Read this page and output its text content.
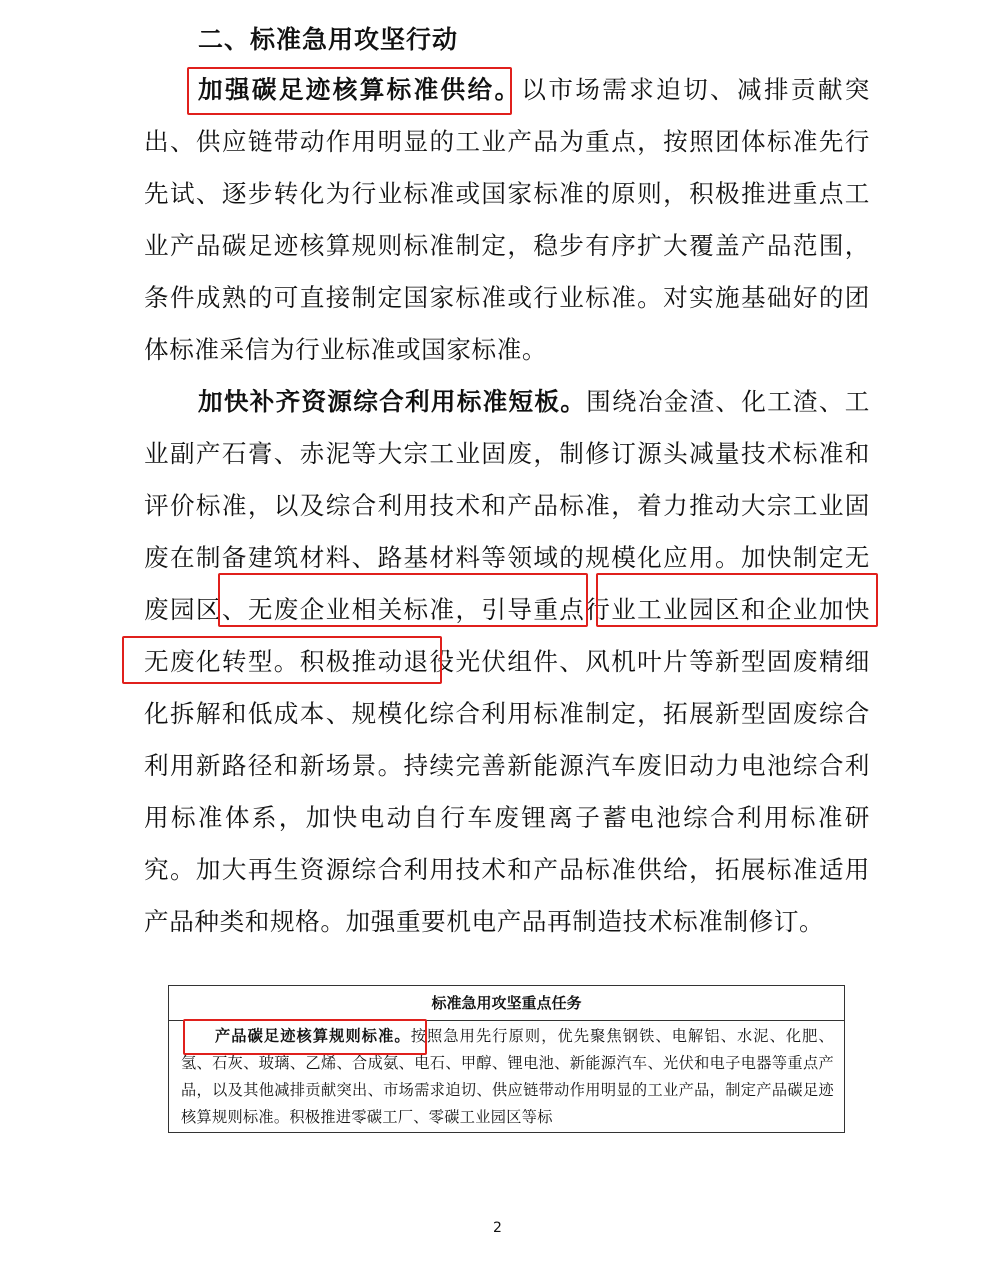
二、标准急用攻坚行动

加强碳足迹核算标准供给。以市场需求迫切、减排贡献突出、供应链带动作用明显的工业产品为重点，按照团体标准先行先试、逐步转化为行业标准或国家标准的原则，积极推进重点工业产品碳足迹核算规则标准制定，稳步有序扩大覆盖产品范围，条件成熟的可直接制定国家标准或行业标准。对实施基础好的团体标准采信为行业标准或国家标准。

加快补齐资源综合利用标准短板。围绕冶金渣、化工渣、工业副产石膏、赤泥等大宗工业固废，制修订源头减量技术标准和评价标准，以及综合利用技术和产品标准，着力推动大宗工业固废在制备建筑材料、路基材料等领域的规模化应用。加快制定无废园区、无废企业相关标准，引导重点行业工业园区和企业加快无废化转型。积极推动退役光伏组件、风机叶片等新型固废精细化拆解和低成本、规模化综合利用标准制定，拓展新型固废综合利用新路径和新场景。持续完善新能源汽车废旧动力电池综合利用标准体系，加快电动自行车废锂离子蓄电池综合利用标准研究。加大再生资源综合利用技术和产品标准供给，拓展标准适用产品种类和规格。加强重要机电产品再制造技术标准制修订。

标准急用攻坚重点任务
产品碳足迹核算规则标准。按照急用先行原则，优先聚焦钢铁、电解铝、水泥、化肥、氢、石灰、玻璃、乙烯、合成氨、电石、甲醇、锂电池、新能源汽车、光伏和电子电器等重点产品，以及其他减排贡献突出、市场需求迫切、供应链带动作用明显的工业产品，制定产品碳足迹核算规则标准。积极推进零碳工厂、零碳工业园区等标
2
